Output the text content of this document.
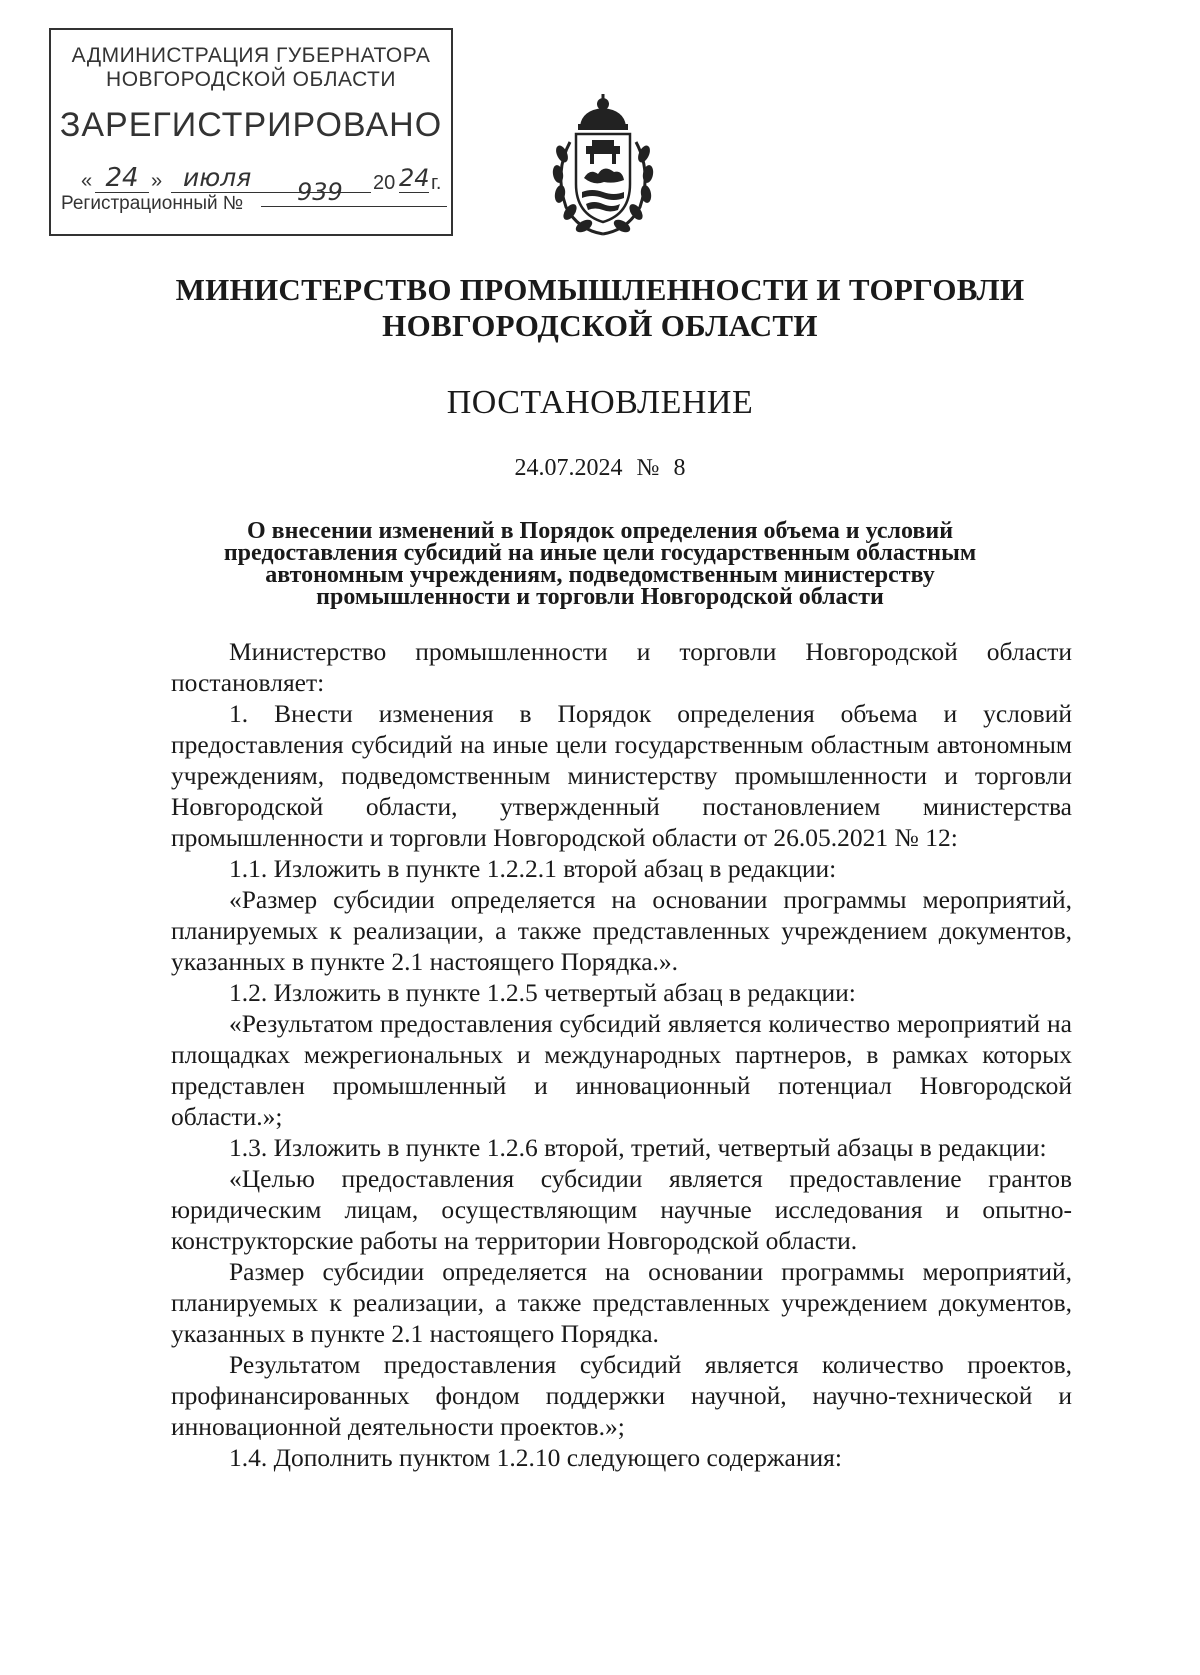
АДМИНИСТРАЦИЯ ГУБЕРНАТОРА
НОВГОРОДСКОЙ ОБЛАСТИ
ЗАРЕГИСТРИРОВАНО
« 24 » июля	20 24 г.
Регистрационный №	939
МИНИСТЕРСТВО ПРОМЫШЛЕННОСТИ И ТОРГОВЛИ
НОВГОРОДСКОЙ ОБЛАСТИ
ПОСТАНОВЛЕНИЕ
24.07.2024 № 8
О внесении изменений в Порядок определения объема и условий
предоставления субсидий на иные цели государственным областным
автономным учреждениям, подведомственным министерству
промышленности и торговли Новгородской области

Министерство промышленности и торговли Новгородской области постановляет:

1. Внести изменения в Порядок определения объема и условий предоставления субсидий на иные цели государственным областным автономным учреждениям, подведомственным министерству промышленности и торговли Новгородской области, утвержденный постановлением министерства промышленности и торговли Новгородской области от 26.05.2021 № 12:

1.1. Изложить в пункте 1.2.2.1 второй абзац в редакции:

«Размер субсидии определяется на основании программы мероприятий, планируемых к реализации, а также представленных учреждением документов, указанных в пункте 2.1 настоящего Порядка.».

1.2. Изложить в пункте 1.2.5 четвертый абзац в редакции:

«Результатом предоставления субсидий является количество мероприятий на площадках межрегиональных и международных партнеров, в рамках которых представлен промышленный и инновационный потенциал Новгородской области.»;

1.3. Изложить в пункте 1.2.6 второй, третий, четвертый абзацы в редакции:

«Целью предоставления субсидии является предоставление грантов юридическим лицам, осуществляющим научные исследования и опытно-конструкторские работы на территории Новгородской области.

Размер субсидии определяется на основании программы мероприятий, планируемых к реализации, а также представленных учреждением документов, указанных в пункте 2.1 настоящего Порядка.

Результатом предоставления субсидий является количество проектов, профинансированных фондом поддержки научной, научно-технической и инновационной деятельности проектов.»;

1.4. Дополнить пунктом 1.2.10 следующего содержания:
